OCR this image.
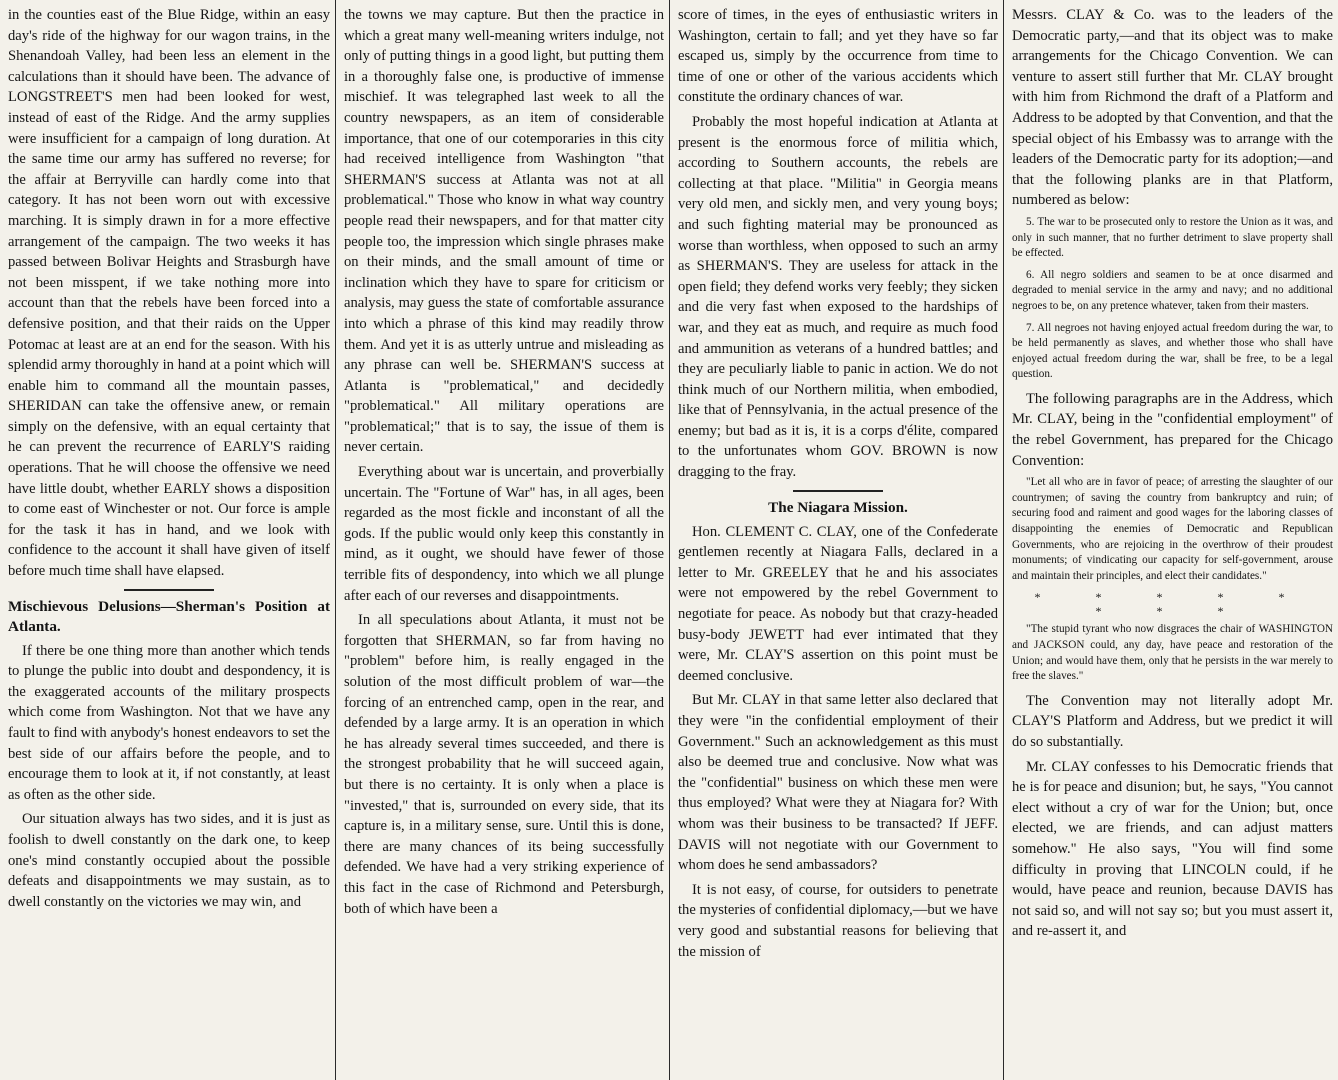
in the counties east of the Blue Ridge, within an easy day's ride of the highway for our wagon trains, in the Shenandoah Valley, had been less an element in the calculations than it should have been. The advance of LONGSTREET'S men had been looked for west, instead of east of the Ridge. And the army supplies were insufficient for a campaign of long duration. At the same time our army has suffered no reverse; for the affair at Berryville can hardly come into that category. It has not been worn out with excessive marching. It is simply drawn in for a more effective arrangement of the campaign. The two weeks it has passed between Bolivar Heights and Strasburgh have not been misspent, if we take nothing more into account than that the rebels have been forced into a defensive position, and that their raids on the Upper Potomac at least are at an end for the season. With his splendid army thoroughly in hand at a point which will enable him to command all the mountain passes, SHERIDAN can take the offensive anew, or remain simply on the defensive, with an equal certainty that he can prevent the recurrence of EARLY'S raiding operations. That he will choose the offensive we need have little doubt, whether EARLY shows a disposition to come east of Winchester or not. Our force is ample for the task it has in hand, and we look with confidence to the account it shall have given of itself before much time shall have elapsed.

Mischievous Delusions—Sherman's Position at Atlanta.

If there be one thing more than another which tends to plunge the public into doubt and despondency, it is the exaggerated accounts of the military prospects which come from Washington. Not that we have any fault to find with anybody's honest endeavors to set the best side of our affairs before the people, and to encourage them to look at it, if not constantly, at least as often as the other side.

Our situation always has two sides, and it is just as foolish to dwell constantly on the dark one, to keep one's mind constantly occupied about the possible defeats and disappointments we may sustain, as to dwell constantly on the victories we may win, and

the towns we may capture. But then the practice in which a great many well-meaning writers indulge, not only of putting things in a good light, but putting them in a thoroughly false one, is productive of immense mischief. It was telegraphed last week to all the country newspapers, as an item of considerable importance, that one of our cotemporaries in this city had received intelligence from Washington "that SHERMAN'S success at Atlanta was not at all problematical." Those who know in what way country people read their newspapers, and for that matter city people too, the impression which single phrases make on their minds, and the small amount of time or inclination which they have to spare for criticism or analysis, may guess the state of comfortable assurance into which a phrase of this kind may readily throw them. And yet it is as utterly untrue and misleading as any phrase can well be. SHERMAN'S success at Atlanta is "problematical," and decidedly "problematical." All military operations are "problematical;" that is to say, the issue of them is never certain.

Everything about war is uncertain, and proverbially uncertain. The "Fortune of War" has, in all ages, been regarded as the most fickle and inconstant of all the gods. If the public would only keep this constantly in mind, as it ought, we should have fewer of those terrible fits of despondency, into which we all plunge after each of our reverses and disappointments.

In all speculations about Atlanta, it must not be forgotten that SHERMAN, so far from having no "problem" before him, is really engaged in the solution of the most difficult problem of war—the forcing of an entrenched camp, open in the rear, and defended by a large army. It is an operation in which he has already several times succeeded, and there is the strongest probability that he will succeed again, but there is no certainty. It is only when a place is "invested," that is, surrounded on every side, that its capture is, in a military sense, sure. Until this is done, there are many chances of its being successfully defended. We have had a very striking experience of this fact in the case of Richmond and Petersburgh, both of which have been a

score of times, in the eyes of enthusiastic writers in Washington, certain to fall; and yet they have so far escaped us, simply by the occurrence from time to time of one or other of the various accidents which constitute the ordinary chances of war.

Probably the most hopeful indication at Atlanta at present is the enormous force of militia which, according to Southern accounts, the rebels are collecting at that place. "Militia" in Georgia means very old men, and sickly men, and very young boys; and such fighting material may be pronounced as worse than worthless, when opposed to such an army as SHERMAN'S. They are useless for attack in the open field; they defend works very feebly; they sicken and die very fast when exposed to the hardships of war, and they eat as much, and require as much food and ammunition as veterans of a hundred battles; and they are peculiarly liable to panic in action. We do not think much of our Northern militia, when embodied, like that of Pennsylvania, in the actual presence of the enemy; but bad as it is, it is a corps d'élite, compared to the unfortunates whom GOV. BROWN is now dragging to the fray.

The Niagara Mission.

Hon. CLEMENT C. CLAY, one of the Confederate gentlemen recently at Niagara Falls, declared in a letter to Mr. GREELEY that he and his associates were not empowered by the rebel Government to negotiate for peace. As nobody but that crazy-headed busy-body JEWETT had ever intimated that they were, Mr. CLAY'S assertion on this point must be deemed conclusive.

But Mr. CLAY in that same letter also declared that they were "in the confidential employment of their Government." Such an acknowledgement as this must also be deemed true and conclusive. Now what was the "confidential" business on which these men were thus employed? What were they at Niagara for? With whom was their business to be transacted? If JEFF. DAVIS will not negotiate with our Government to whom does he send ambassadors?

It is not easy, of course, for outsiders to penetrate the mysteries of confidential diplomacy,—but we have very good and substantial reasons for believing that the mission of

Messrs. CLAY & Co. was to the leaders of the Democratic party,—and that its object was to make arrangements for the Chicago Convention. We can venture to assert still further that Mr. CLAY brought with him from Richmond the draft of a Platform and Address to be adopted by that Convention, and that the special object of his Embassy was to arrange with the leaders of the Democratic party for its adoption;—and that the following planks are in that Platform, numbered as below:

5. The war to be prosecuted only to restore the Union as it was, and only in such manner, that no further detriment to slave property shall be effected.

6. All negro soldiers and seamen to be at once disarmed and degraded to menial service in the army and navy; and no additional negroes to be, on any pretence whatever, taken from their masters.

7. All negroes not having enjoyed actual freedom during the war, to be held permanently as slaves, and whether those who shall have enjoyed actual freedom during the war, shall be free, to be a legal question.

The following paragraphs are in the Address, which Mr. CLAY, being in the "confidential employment" of the rebel Government, has prepared for the Chicago Convention:

"Let all who are in favor of peace; of arresting the slaughter of our countrymen; of saving the country from bankruptcy and ruin; of securing food and raiment and good wages for the laboring classes of disappointing the enemies of Democratic and Republican Governments, who are rejoicing in the overthrow of their proudest monuments; of vindicating our capacity for self-government, arouse and maintain their principles, and elect their candidates."

* * * * * * * *

"The stupid tyrant who now disgraces the chair of WASHINGTON and JACKSON could, any day, have peace and restoration of the Union; and would have them, only that he persists in the war merely to free the slaves."

The Convention may not literally adopt Mr. CLAY'S Platform and Address, but we predict it will do so substantially.

Mr. CLAY confesses to his Democratic friends that he is for peace and disunion; but, he says, "You cannot elect without a cry of war for the Union; but, once elected, we are friends, and can adjust matters somehow." He also says, "You will find some difficulty in proving that LINCOLN could, if he would, have peace and reunion, because DAVIS has not said so, and will not say so; but you must assert it, and re-assert it, and
